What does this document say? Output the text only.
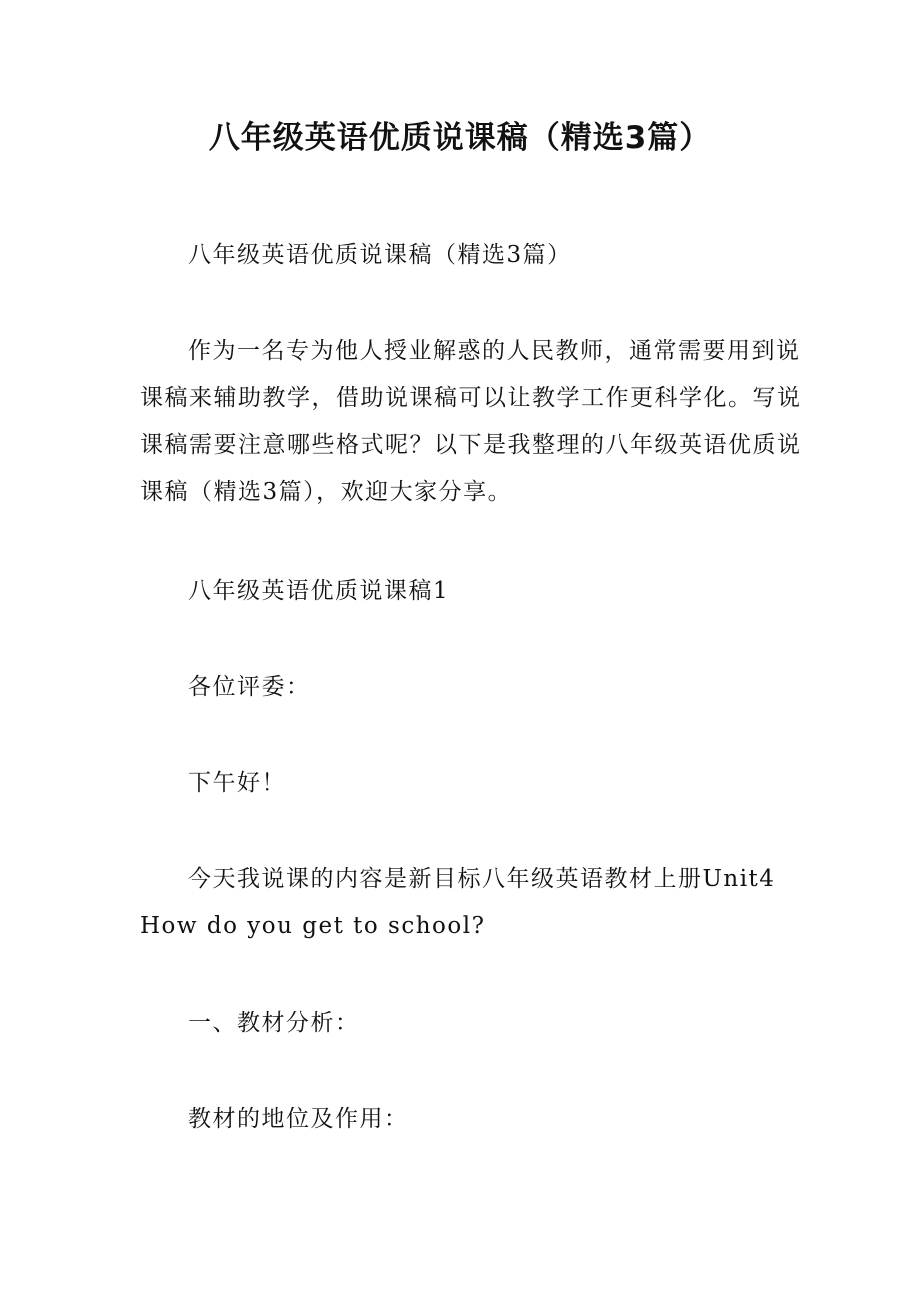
八年级英语优质说课稿（精选3篇）

八年级英语优质说课稿（精选3篇）

作为一名专为他人授业解惑的人民教师，通常需要用到说课稿来辅助教学，借助说课稿可以让教学工作更科学化。写说课稿需要注意哪些格式呢？以下是我整理的八年级英语优质说课稿（精选3篇），欢迎大家分享。

八年级英语优质说课稿1

各位评委：

下午好！

今天我说课的内容是新目标八年级英语教材上册Unit4 How do you get to school?

一、教材分析：

教材的地位及作用：
